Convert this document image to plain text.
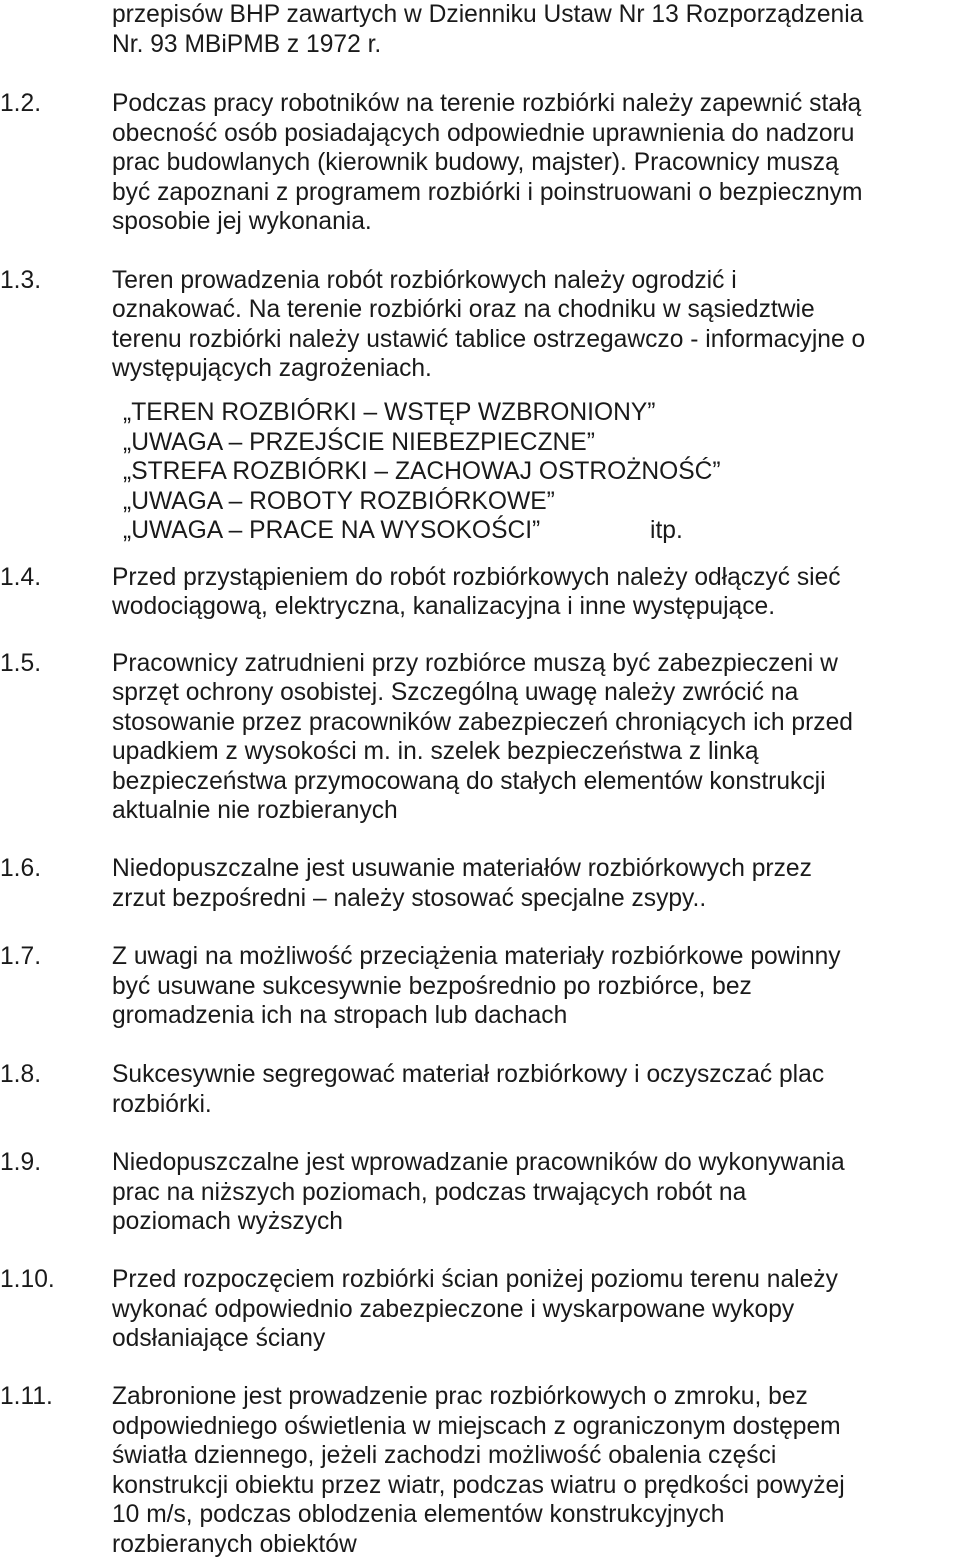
przepisów BHP zawartych w Dzienniku Ustaw Nr 13 Rozporządzenia
Nr. 93 MBiPMB z 1972 r.
1.2.	Podczas pracy robotników na terenie rozbiórki należy zapewnić stałą
obecność osób posiadających odpowiednie uprawnienia do nadzoru
prac budowlanych (kierownik budowy, majster). Pracownicy muszą
być zapoznani z programem rozbiórki i poinstruowani o bezpiecznym
sposobie jej wykonania.
1.3.	Teren prowadzenia robót rozbiórkowych należy ogrodzić i
oznakować. Na terenie rozbiórki oraz na chodniku w sąsiedztwie
terenu rozbiórki należy ustawić tablice ostrzegawczo - informacyjne o
występujących zagrożeniach.
„TEREN ROZBIÓRKI – WSTĘP WZBRONIONY”
„UWAGA – PRZEJŚCIE NIEBEZPIECZNE”
„STREFA ROZBIÓRKI – ZACHOWAJ OSTROŻNOŚĆ”
„UWAGA – ROBOTY ROZBIÓRKOWE”
„UWAGA – PRACE NA WYSOKOŚCI”	itp.
1.4.	Przed przystąpieniem do robót rozbiórkowych należy odłączyć sieć
wodociągową, elektryczna, kanalizacyjna i inne występujące.
1.5.	Pracownicy zatrudnieni przy rozbiórce muszą być zabezpieczeni w
sprzęt ochrony osobistej. Szczególną uwagę należy zwrócić na
stosowanie przez pracowników zabezpieczeń chroniących ich przed
upadkiem z wysokości m. in. szelek bezpieczeństwa z linką
bezpieczeństwa przymocowaną do stałych elementów konstrukcji
aktualnie nie rozbieranych
1.6.	Niedopuszczalne jest usuwanie materiałów rozbiórkowych przez
zrzut bezpośredni – należy stosować specjalne zsypy..
1.7.	Z uwagi na możliwość przeciążenia materiały rozbiórkowe powinny
być usuwane sukcesywnie bezpośrednio po rozbiórce, bez
gromadzenia ich na stropach lub dachach
1.8.	Sukcesywnie segregować materiał rozbiórkowy i oczyszczać plac
rozbiórki.
1.9.	Niedopuszczalne jest wprowadzanie pracowników do wykonywania
prac na niższych poziomach, podczas trwających robót na
poziomach wyższych
1.10. Przed rozpoczęciem rozbiórki ścian poniżej poziomu terenu należy
wykonać odpowiednio zabezpieczone i wyskarpowane wykopy
odsłaniające ściany
1.11. Zabronione jest prowadzenie prac rozbiórkowych o zmroku, bez
odpowiedniego oświetlenia w miejscach z ograniczonym dostępem
światła dziennego, jeżeli zachodzi możliwość obalenia części
konstrukcji obiektu przez wiatr, podczas wiatru o prędkości powyżej
10 m/s, podczas oblodzenia elementów konstrukcyjnych
rozbieranych obiektów
